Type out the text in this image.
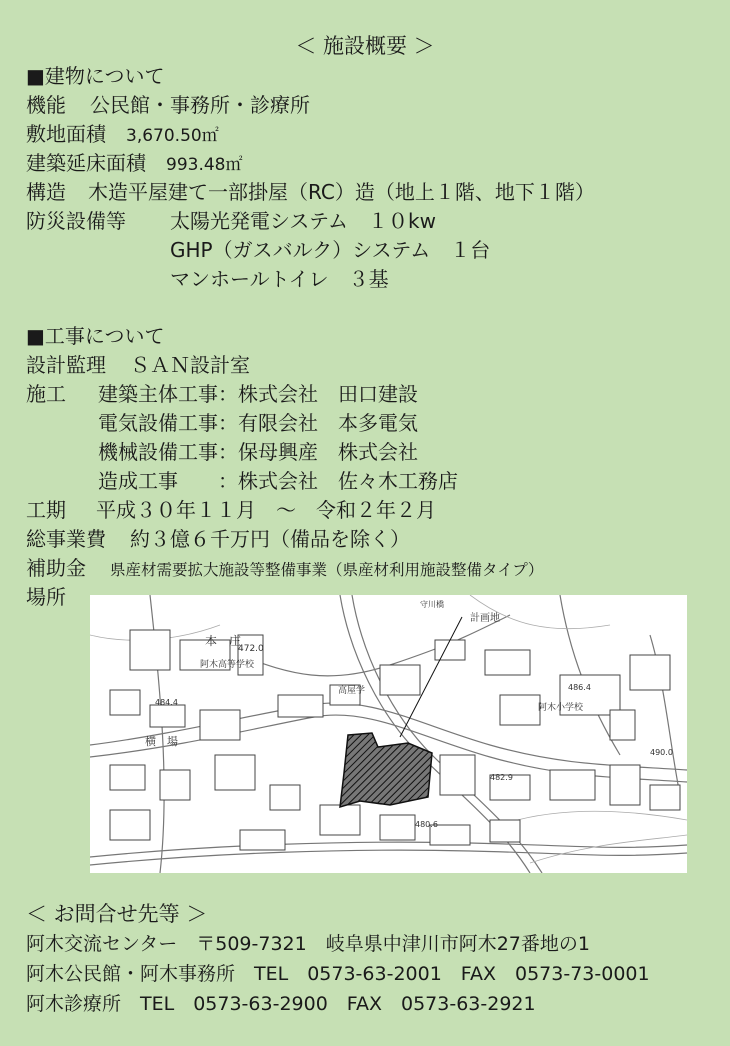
＜ 施設概要 ＞
■建物について
機能 公民館・事務所・診療所
敷地面積 3,670.50㎡
建築延床面積 993.48㎡
構造 木造平屋建て一部掛屋（RC）造（地上１階、地下１階）
防災設備等 太陽光発電システム　１０kw
GHP（ガスバルク）システム　１台
マンホールトイレ　３基
■工事について
設計監理 ＳＡＮ設計室
施工 建築主体工事：株式会社　田口建設
電気設備工事：有限会社　本多電気
機械設備工事：保母興産　株式会社
造成工事　　：株式会社　佐々木工務店
工期 平成３０年１１月　～　令和２年２月
総事業費 約３億６千万円（備品を除く）
補助金 県産材需要拡大施設等整備事業（県産材利用施設整備タイプ）
場所
本　庄
472.0
阿木高等学校
計画地
守川橋
阿木小学校
486.4
490.0
482.9
480.6
484.4
高屋学
横　場
＜ お問合せ先等 ＞
阿木交流センター　〒509-7321　岐阜県中津川市阿木27番地の1
阿木公民館・阿木事務所　TEL　0573-63-2001　FAX　0573-73-0001
阿木診療所　TEL　0573-63-2900　FAX　0573-63-2921
